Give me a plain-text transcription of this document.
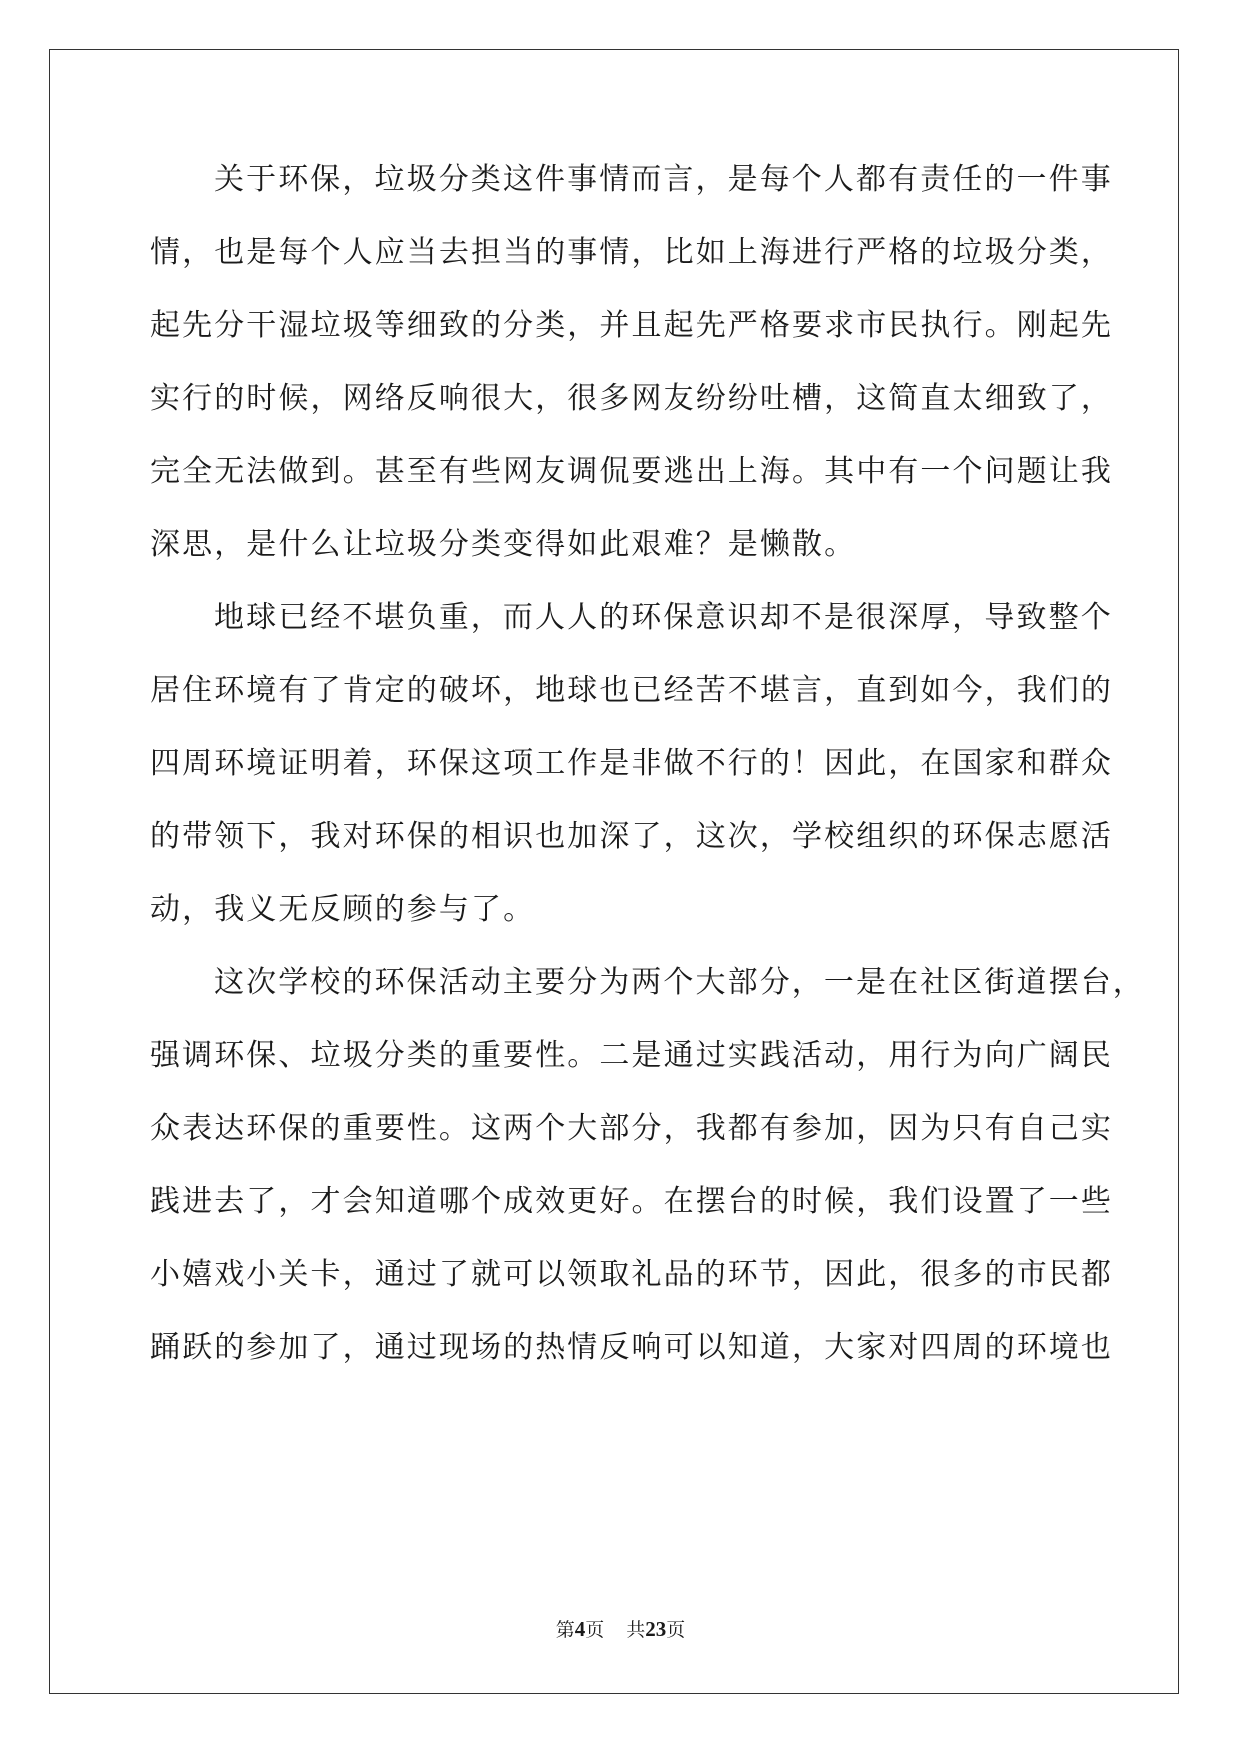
关于环保，垃圾分类这件事情而言，是每个人都有责任的一件事
情，也是每个人应当去担当的事情，比如上海进行严格的垃圾分类，
起先分干湿垃圾等细致的分类，并且起先严格要求市民执行。刚起先
实行的时候，网络反响很大，很多网友纷纷吐槽，这简直太细致了，
完全无法做到。甚至有些网友调侃要逃出上海。其中有一个问题让我
深思，是什么让垃圾分类变得如此艰难？是懒散。
地球已经不堪负重，而人人的环保意识却不是很深厚，导致整个
居住环境有了肯定的破坏，地球也已经苦不堪言，直到如今，我们的
四周环境证明着，环保这项工作是非做不行的！因此，在国家和群众
的带领下，我对环保的相识也加深了，这次，学校组织的环保志愿活
动，我义无反顾的参与了。
这次学校的环保活动主要分为两个大部分，一是在社区街道摆台，
强调环保、垃圾分类的重要性。二是通过实践活动，用行为向广阔民
众表达环保的重要性。这两个大部分，我都有参加，因为只有自己实
践进去了，才会知道哪个成效更好。在摆台的时候，我们设置了一些
小嬉戏小关卡，通过了就可以领取礼品的环节，因此，很多的市民都
踊跃的参加了，通过现场的热情反响可以知道，大家对四周的环境也
第4页 共23页
